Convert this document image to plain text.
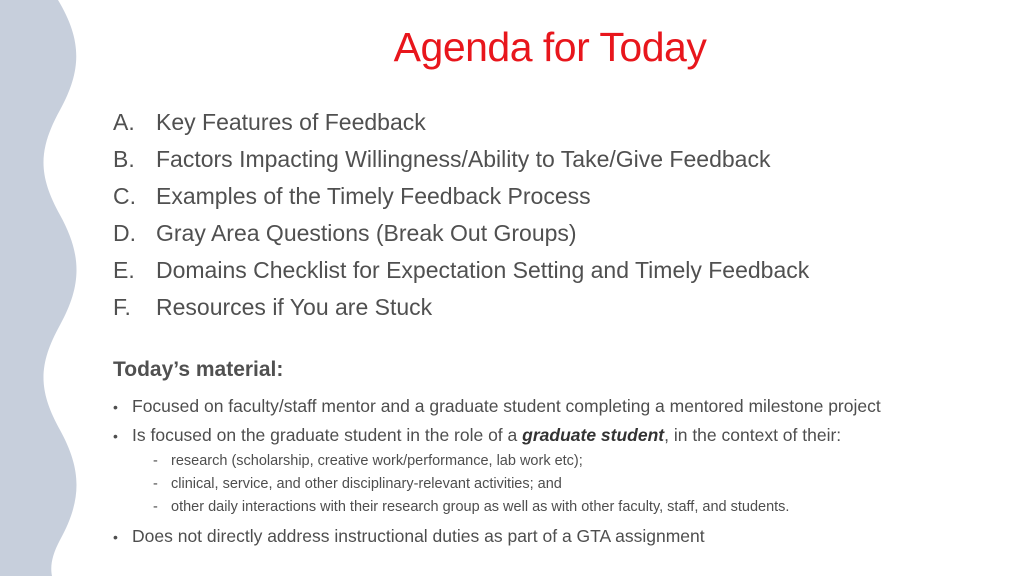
Agenda for Today
A. Key Features of Feedback
B. Factors Impacting Willingness/Ability to Take/Give Feedback
C. Examples of the Timely Feedback Process
D. Gray Area Questions (Break Out Groups)
E. Domains Checklist for Expectation Setting and Timely Feedback
F. Resources if You are Stuck
Today’s material:
• Focused on faculty/staff mentor and a graduate student completing a mentored milestone project
• Is focused on the graduate student in the role of a graduate student, in the context of their:
- research (scholarship, creative work/performance, lab work etc);
- clinical, service, and other disciplinary-relevant activities; and
- other daily interactions with their research group as well as with other faculty, staff, and students.
• Does not directly address instructional duties as part of a GTA assignment
